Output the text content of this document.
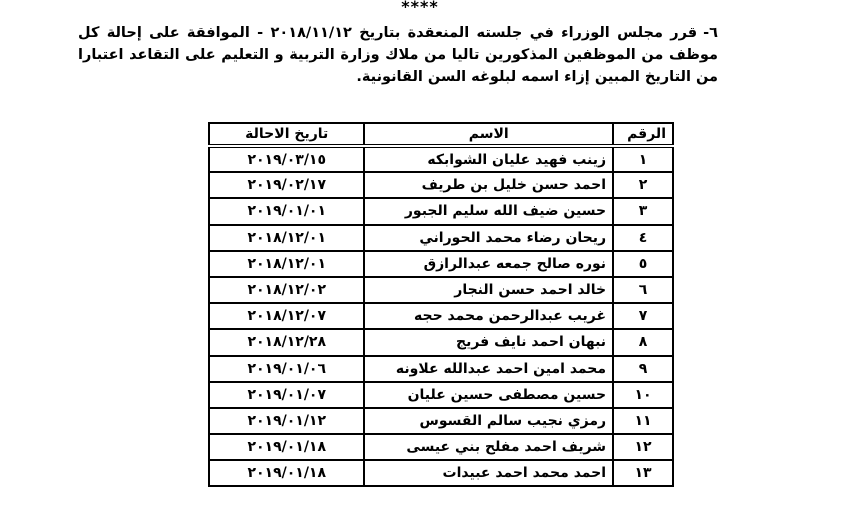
****
٦-قرر مجلس الوزراء في جلسته المنعقدة بتاريخ ٢٠١٨/١١/١٢ - الموافقة على إحالة كل موظف من الموظفين المذكورين تاليا من ملاك وزارة التربية و التعليم على التقاعد اعتبارا من التاريخ المبين إزاء اسمه لبلوغه السن القانونية.
الرقم	الاسم	تاريخ الاحالة
١	زينب فهيد عليان الشوابكه	٢٠١٩/٠٣/١٥
٢	احمد حسن خليل بن طريف	٢٠١٩/٠٢/١٧
٣	حسين ضيف الله سليم الجبور	٢٠١٩/٠١/٠١
٤	ريحان رضاء محمد الحوراني	٢٠١٨/١٢/٠١
٥	نوره صالح جمعه عبدالرازق	٢٠١٨/١٢/٠١
٦	خالد احمد حسن النجار	٢٠١٨/١٢/٠٢
٧	غريب عبدالرحمن محمد حجه	٢٠١٨/١٢/٠٧
٨	نبهان احمد نايف فريج	٢٠١٨/١٢/٢٨
٩	محمد امين احمد عبدالله علاونه	٢٠١٩/٠١/٠٦
١٠	حسين مصطفى حسين عليان	٢٠١٩/٠١/٠٧
١١	رمزي نجيب سالم القسوس	٢٠١٩/٠١/١٢
١٢	شريف احمد مفلح بني عيسى	٢٠١٩/٠١/١٨
١٣	احمد محمد احمد عبيدات	٢٠١٩/٠١/١٨
